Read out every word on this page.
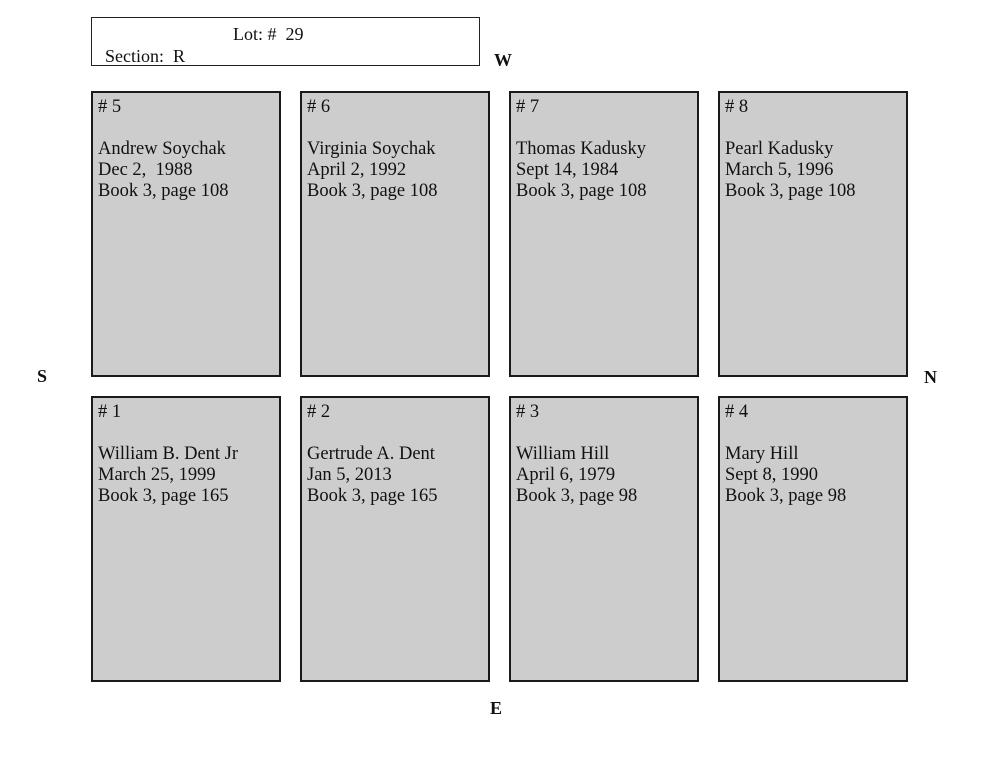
Section:  R

Lot: #  29

W
S	N
E
# 5
Andrew Soychak
Dec 2,  1988
Book 3, page 108
# 6
Virginia Soychak
April 2, 1992
Book 3, page 108
# 7
Thomas Kadusky
Sept 14, 1984
Book 3, page 108
# 8
Pearl Kadusky
March 5, 1996
Book 3, page 108
# 1
William B. Dent Jr
March 25, 1999
Book 3, page 165
# 2
Gertrude A. Dent
Jan 5, 2013
Book 3, page 165
# 3
William Hill
April 6, 1979
Book 3, page 98
# 4
Mary Hill
Sept 8, 1990
Book 3, page 98
